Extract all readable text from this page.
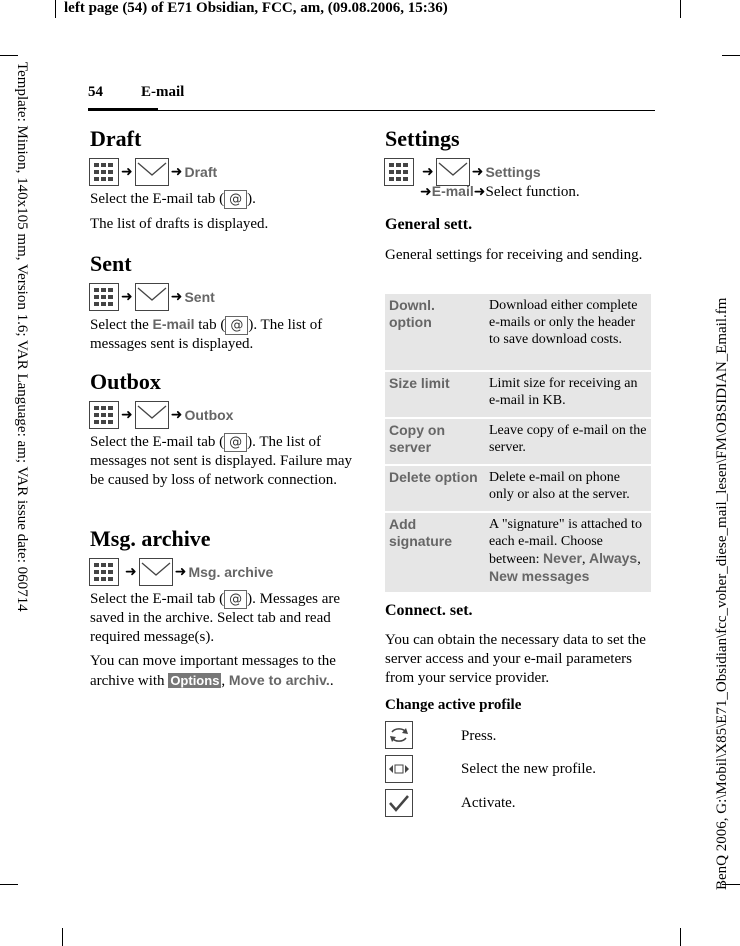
left page (54) of E71 Obsidian, FCC, am, (09.08.2006, 15:36)
Template: Minion, 140x105 mm, Version 1.6; VAR Language: am; VAR issue date: 060714	BenQ 2006, G:\Mobil\X85\E71_Obsidian\fcc_voher_diese_mail_lesen\FM\OBSIDIAN_Email.fm
54	E-mail
Draft
➜	➜ Draft
Select the E-mail tab ( @ ).
The list of drafts is displayed.
Sent
➜	➜ Sent
Select the E-mail tab ( @ ). The list of messages sent is displayed.
Outbox
➜	➜ Outbox
Select the E-mail tab ( @ ). The list of messages not sent is displayed. Failure may be caused by loss of network connection.
Msg. archive
➜	➜ Msg. archive
Select the E-mail tab ( @ ). Messages are saved in the archive. Select tab and read required message(s).
You can move important messages to the archive with Options , Move to archiv..
Settings
➜	➜ Settings
➜E-mail➜Select function.
General sett.
General settings for receiving and sending.
Downl. option	Download either complete e-mails or only the header to save download costs.
Size limit	Limit size for receiving an e-mail in KB.
Copy on server	Leave copy of e-mail on the server.
Delete option	Delete e-mail on phone only or also at the server.
Add signature	A "signature" is attached to each e-mail. Choose between: Never, Always, New messages
Connect. set.
You can obtain the necessary data to set the server access and your e-mail parameters from your service provider.
Change active profile
Press.
Select the new profile.
Activate.
